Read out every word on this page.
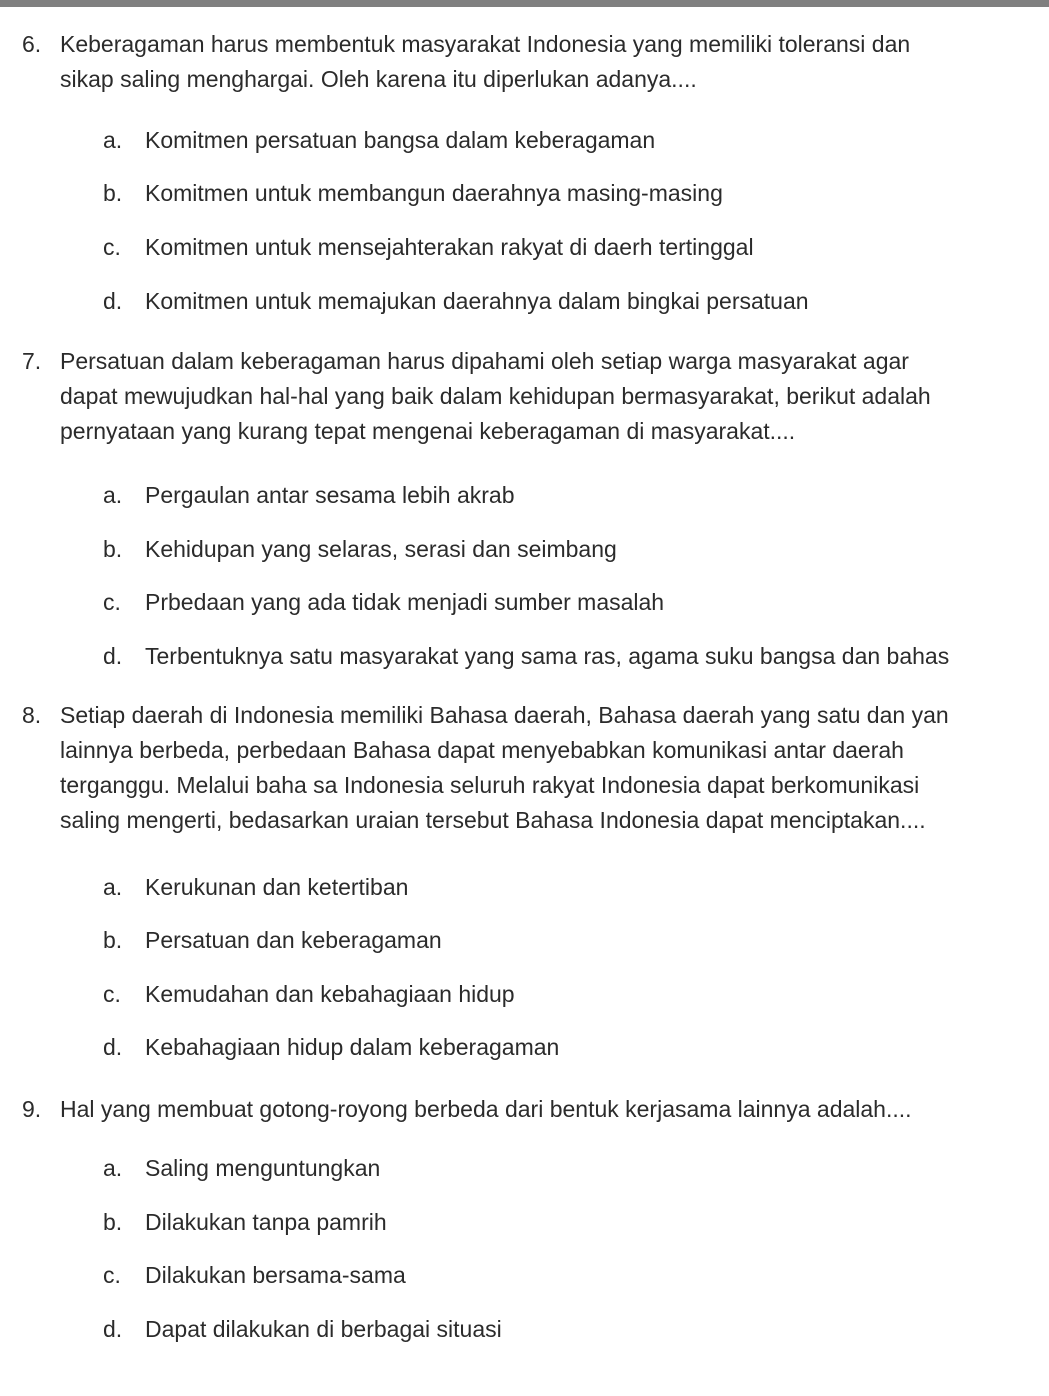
6. Keberagaman harus membentuk masyarakat Indonesia yang memiliki toleransi dan
sikap saling menghargai. Oleh karena itu diperlukan adanya....
a. Komitmen persatuan bangsa dalam keberagaman
b. Komitmen untuk membangun daerahnya masing-masing
c. Komitmen untuk mensejahterakan rakyat di daerh tertinggal
d. Komitmen untuk memajukan daerahnya dalam bingkai persatuan
7. Persatuan dalam keberagaman harus dipahami oleh setiap warga masyarakat agar
dapat mewujudkan hal-hal yang baik dalam kehidupan bermasyarakat, berikut adalah
pernyataan yang kurang tepat mengenai keberagaman di masyarakat....
a. Pergaulan antar sesama lebih akrab
b. Kehidupan yang selaras, serasi dan seimbang
c. Prbedaan yang ada tidak menjadi sumber masalah
d. Terbentuknya satu masyarakat yang sama ras, agama suku bangsa dan bahas
8. Setiap daerah di Indonesia memiliki Bahasa daerah, Bahasa daerah yang satu dan yan
lainnya berbeda, perbedaan Bahasa dapat menyebabkan komunikasi antar daerah
terganggu. Melalui baha sa Indonesia seluruh rakyat Indonesia dapat berkomunikasi
saling mengerti, bedasarkan uraian tersebut Bahasa Indonesia dapat menciptakan....
a. Kerukunan dan ketertiban
b. Persatuan dan keberagaman
c. Kemudahan dan kebahagiaan hidup
d. Kebahagiaan hidup dalam keberagaman
9. Hal yang membuat gotong-royong berbeda dari bentuk kerjasama lainnya adalah....
a. Saling menguntungkan
b. Dilakukan tanpa pamrih
c. Dilakukan bersama-sama
d. Dapat dilakukan di berbagai situasi
